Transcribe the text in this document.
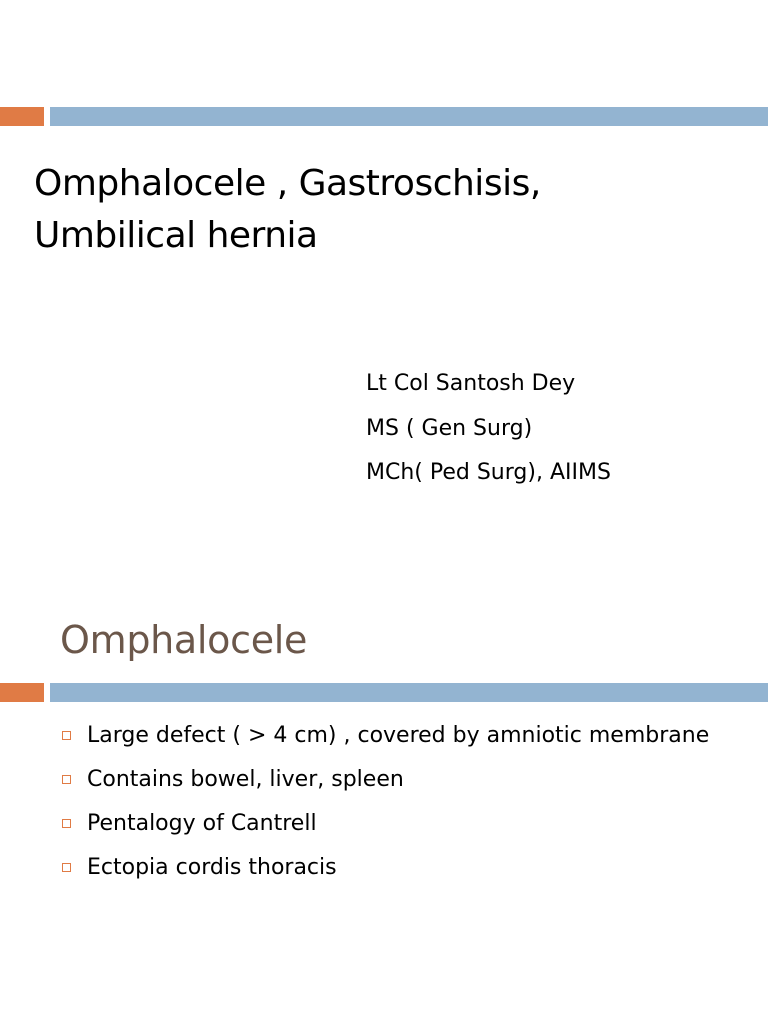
Omphalocele , Gastroschisis,
Umbilical hernia
Lt Col Santosh Dey
MS ( Gen Surg)
MCh( Ped Surg), AIIMS
Omphalocele
Large defect ( > 4 cm) , covered by amniotic membrane
Contains bowel, liver, spleen
Pentalogy of Cantrell
Ectopia cordis thoracis
